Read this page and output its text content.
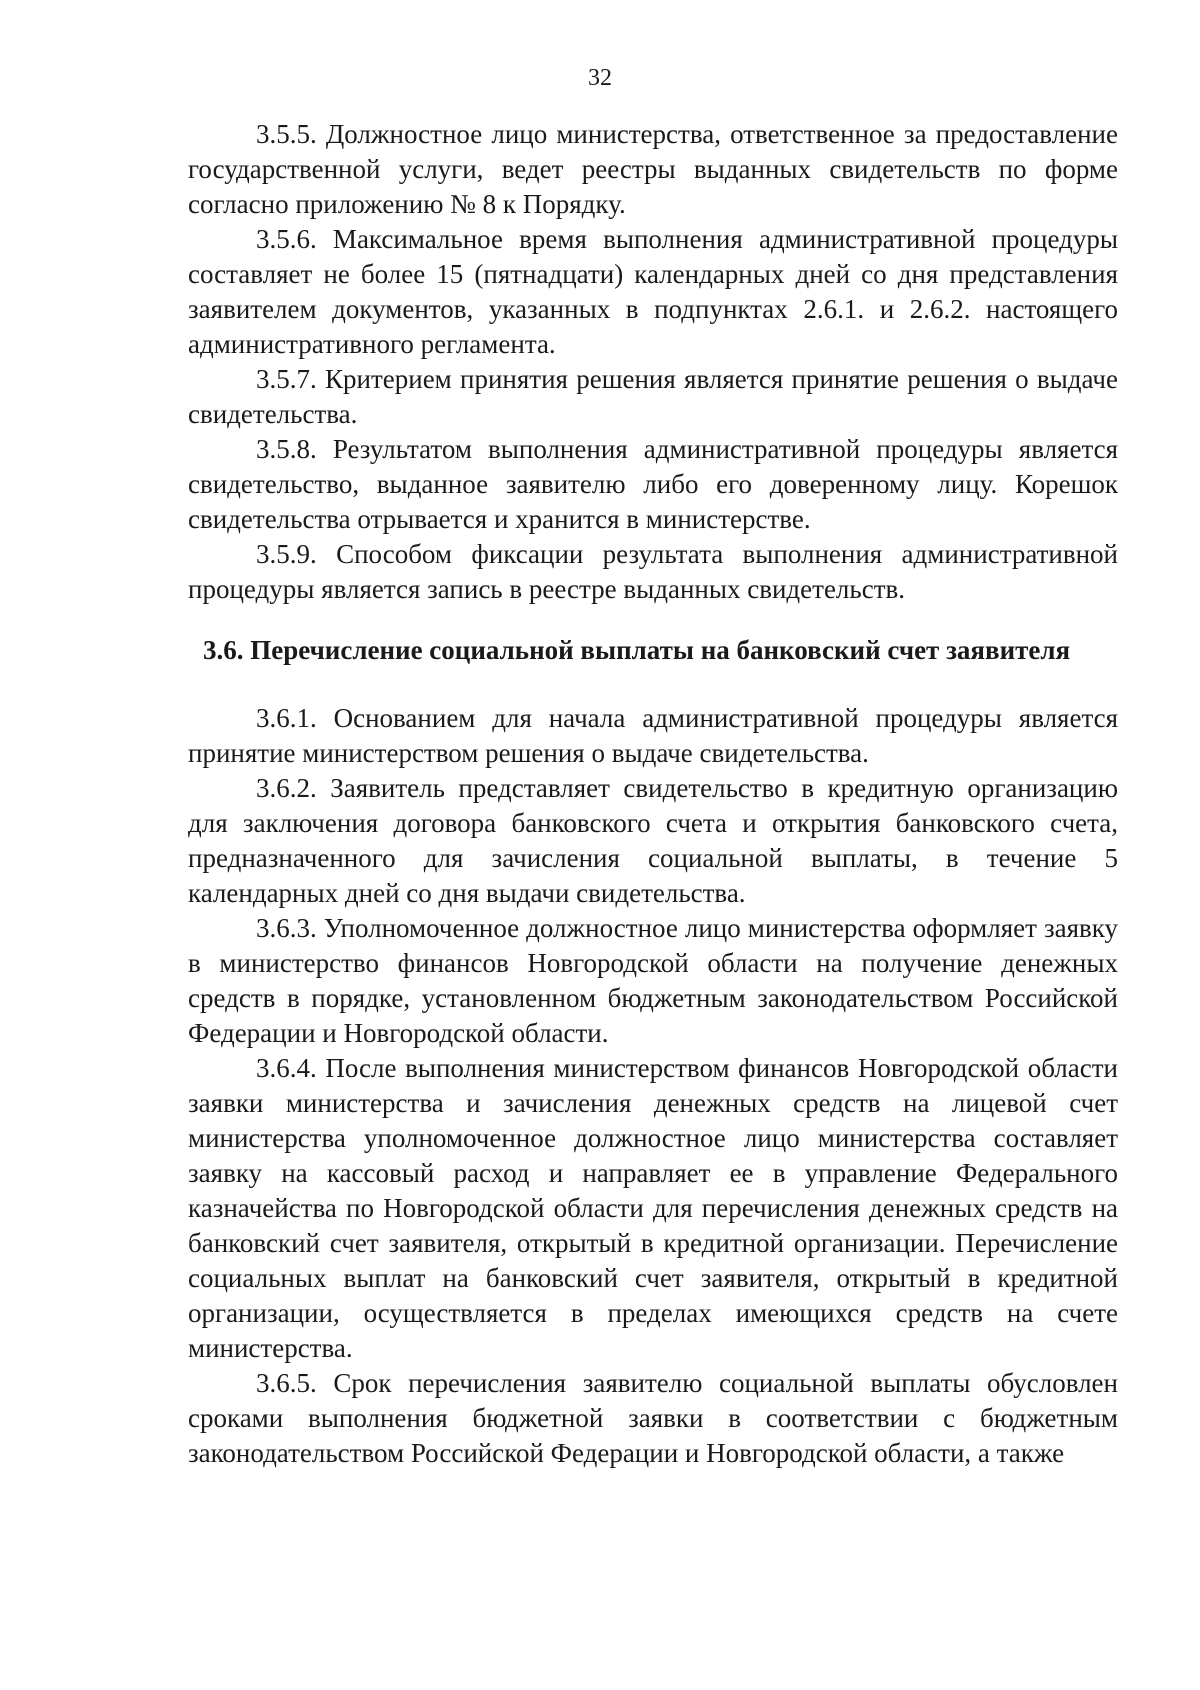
32

3.5.5. Должностное лицо министерства, ответственное за предоставление государственной услуги, ведет реестры выданных свидетельств по форме согласно приложению № 8 к Порядку.

3.5.6. Максимальное время выполнения административной процедуры составляет не более 15 (пятнадцати) календарных дней со дня представления заявителем документов, указанных в подпунктах 2.6.1. и 2.6.2. настоящего административного регламента.

3.5.7. Критерием принятия решения является принятие решения о выдаче свидетельства.

3.5.8. Результатом выполнения административной процедуры является свидетельство, выданное заявителю либо его доверенному лицу. Корешок свидетельства отрывается и хранится в министерстве.

3.5.9. Способом фиксации результата выполнения административной процедуры является запись в реестре выданных свидетельств.

3.6. Перечисление социальной выплаты на банковский счет заявителя

3.6.1. Основанием для начала административной процедуры является принятие министерством решения о выдаче свидетельства.

3.6.2. Заявитель представляет свидетельство в кредитную организацию для заключения договора банковского счета и открытия банковского счета, предназначенного для зачисления социальной выплаты, в течение 5 календарных дней со дня выдачи свидетельства.

3.6.3. Уполномоченное должностное лицо министерства оформляет заявку в министерство финансов Новгородской области на получение денежных средств в порядке, установленном бюджетным законодательством Российской Федерации и Новгородской области.

3.6.4. После выполнения министерством финансов Новгородской области заявки министерства и зачисления денежных средств на лицевой счет министерства уполномоченное должностное лицо министерства составляет заявку на кассовый расход и направляет ее в управление Федерального казначейства по Новгородской области для перечисления денежных средств на банковский счет заявителя, открытый в кредитной организации. Перечисление социальных выплат на банковский счет заявителя, открытый в кредитной организации, осуществляется в пределах имеющихся средств на счете министерства.

3.6.5. Срок перечисления заявителю социальной выплаты обусловлен сроками выполнения бюджетной заявки в соответствии с бюджетным законодательством Российской Федерации и Новгородской области, а также
